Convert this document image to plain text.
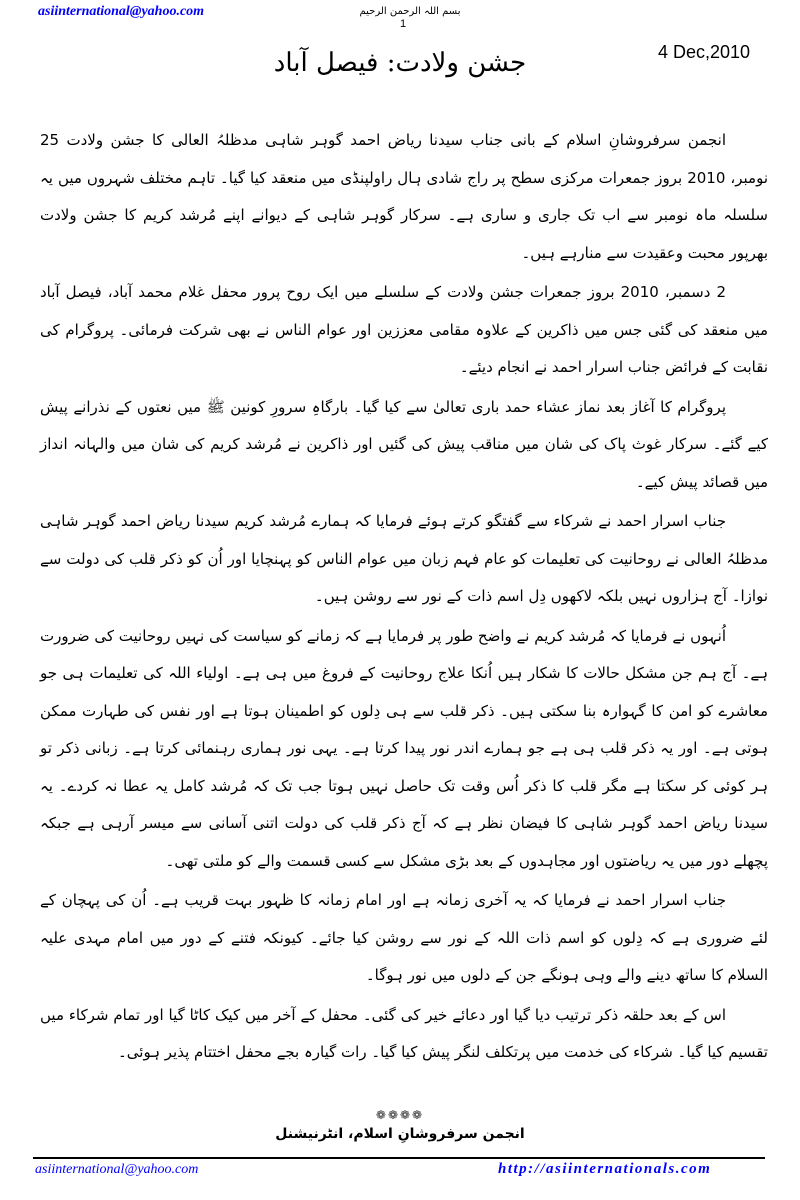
asiinternational@yahoo.com	بسم اللہ الرحمن الرحیم
1
4 Dec,2010
جشن ولادت: فیصل آباد

انجمن سرفروشانِ اسلام کے بانی جناب سیدنا ریاض احمد گوہر شاہی مدظلہُ العالی کا جشن ولادت 25 نومبر، 2010 بروز جمعرات مرکزی سطح پر راج شادی ہال راولپنڈی میں منعقد کیا گیا۔ تاہم مختلف شہروں میں یہ سلسلہ ماہ نومبر سے اب تک جاری و ساری ہے۔ سرکار گوہر شاہی کے دیوانے اپنے مُرشد کریم کا جشن ولادت بھرپور محبت وعقیدت سے منارہے ہیں۔

2 دسمبر، 2010 بروز جمعرات جشن ولادت کے سلسلے میں ایک روح پرور محفل غلام محمد آباد، فیصل آباد میں منعقد کی گئی جس میں ذاکرین کے علاوہ مقامی معززین اور عوام الناس نے بھی شرکت فرمائی۔ پروگرام کی نقابت کے فرائض جناب اسرار احمد نے انجام دیئے۔

پروگرام کا آغاز بعد نماز عشاء حمد باری تعالیٰ سے کیا گیا۔ بارگاہِ سرورِ کونین ﷺ میں نعتوں کے نذرانے پیش کیے گئے۔ سرکار غوث پاک کی شان میں مناقب پیش کی گئیں اور ذاکرین نے مُرشد کریم کی شان میں والہانہ انداز میں قصائد پیش کیے۔

جناب اسرار احمد نے شرکاء سے گفتگو کرتے ہوئے فرمایا کہ ہمارے مُرشد کریم سیدنا ریاض احمد گوہر شاہی مدظلہُ العالی نے روحانیت کی تعلیمات کو عام فہم زبان میں عوام الناس کو پہنچایا اور اُن کو ذکر قلب کی دولت سے نوازا۔ آج ہزاروں نہیں بلکہ لاکھوں دِل اسم ذات کے نور سے روشن ہیں۔

اُنہوں نے فرمایا کہ مُرشد کریم نے واضح طور پر فرمایا ہے کہ زمانے کو سیاست کی نہیں روحانیت کی ضرورت ہے۔ آج ہم جن مشکل حالات کا شکار ہیں اُنکا علاج روحانیت کے فروغ میں ہی ہے۔ اولیاء اللہ کی تعلیمات ہی جو معاشرے کو امن کا گہوارہ بنا سکتی ہیں۔ ذکر قلب سے ہی دِلوں کو اطمینان ہوتا ہے اور نفس کی طہارت ممکن ہوتی ہے۔ اور یہ ذکر قلب ہی ہے جو ہمارے اندر نور پیدا کرتا ہے۔ یہی نور ہماری رہنمائی کرتا ہے۔ زبانی ذکر تو ہر کوئی کر سکتا ہے مگر قلب کا ذکر اُس وقت تک حاصل نہیں ہوتا جب تک کہ مُرشد کامل یہ عطا نہ کردے۔ یہ سیدنا ریاض احمد گوہر شاہی کا فیضان نظر ہے کہ آج ذکر قلب کی دولت اتنی آسانی سے میسر آرہی ہے جبکہ پچھلے دور میں یہ ریاضتوں اور مجاہدوں کے بعد بڑی مشکل سے کسی قسمت والے کو ملتی تھی۔

جناب اسرار احمد نے فرمایا کہ یہ آخری زمانہ ہے اور امام زمانہ کا ظہور بہت قریب ہے۔ اُن کی پہچان کے لئے ضروری ہے کہ دِلوں کو اسم ذات اللہ کے نور سے روشن کیا جائے۔ کیونکہ فتنے کے دور میں امام مہدی علیہ السلام کا ساتھ دینے والے وہی ہونگے جن کے دلوں میں نور ہوگا۔

اس کے بعد حلقہ ذکر ترتیب دیا گیا اور دعائے خیر کی گئی۔ محفل کے آخر میں کیک کاٹا گیا اور تمام شرکاء میں تقسیم کیا گیا۔ شرکاء کی خدمت میں پرتکلف لنگر پیش کیا گیا۔ رات گیارہ بجے محفل اختتام پذیر ہوئی۔

❁❁❁❁
انجمن سرفروشانِ اسلام، انٹرنیشنل
asiinternational@yahoo.com	http://asiinternationals.com
